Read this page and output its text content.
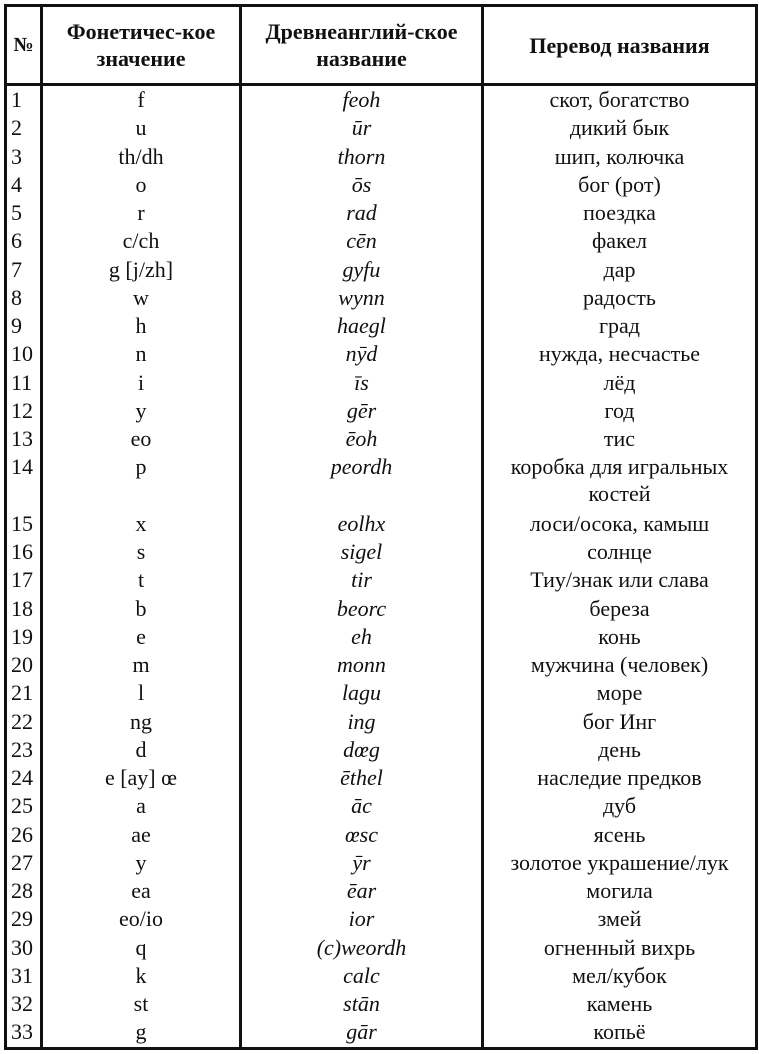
№	Фонетичес-кое значение	Древнеанглий-ское название	Перевод названия
1	f	feoh	скот, богатство
2	u	ūr	дикий бык
3	th/dh	thorn	шип, колючка
4	o	ōs	бог (рот)
5	r	rad	поездка
6	c/ch	cēn	факел
7	g [j/zh]	gyfu	дар
8	w	wynn	радость
9	h	haegl	град
10	n	nӯd	нужда, несчастье
11	i	īs	лёд
12	y	gēr	год
13	eo	ēoh	тис
14	p	peordh	коробка для игральных костей
15	x	eolhx	лоси/осока, камыш
16	s	sigel	солнце
17	t	tir	Тиу/знак или слава
18	b	beorc	береза
19	e	eh	конь
20	m	monn	мужчина (человек)
21	l	lagu	море
22	ng	ing	бог Инг
23	d	dœg	день
24	e [ay] œ	ēthel	наследие предков
25	a	āc	дуб
26	ae	œsc	ясень
27	y	ӯr	золотое украшение/лук
28	ea	ēar	могила
29	eo/io	ior	змей
30	q	(c)weordh	огненный вихрь
31	k	calc	мел/кубок
32	st	stān	камень
33	g	gār	копьё
